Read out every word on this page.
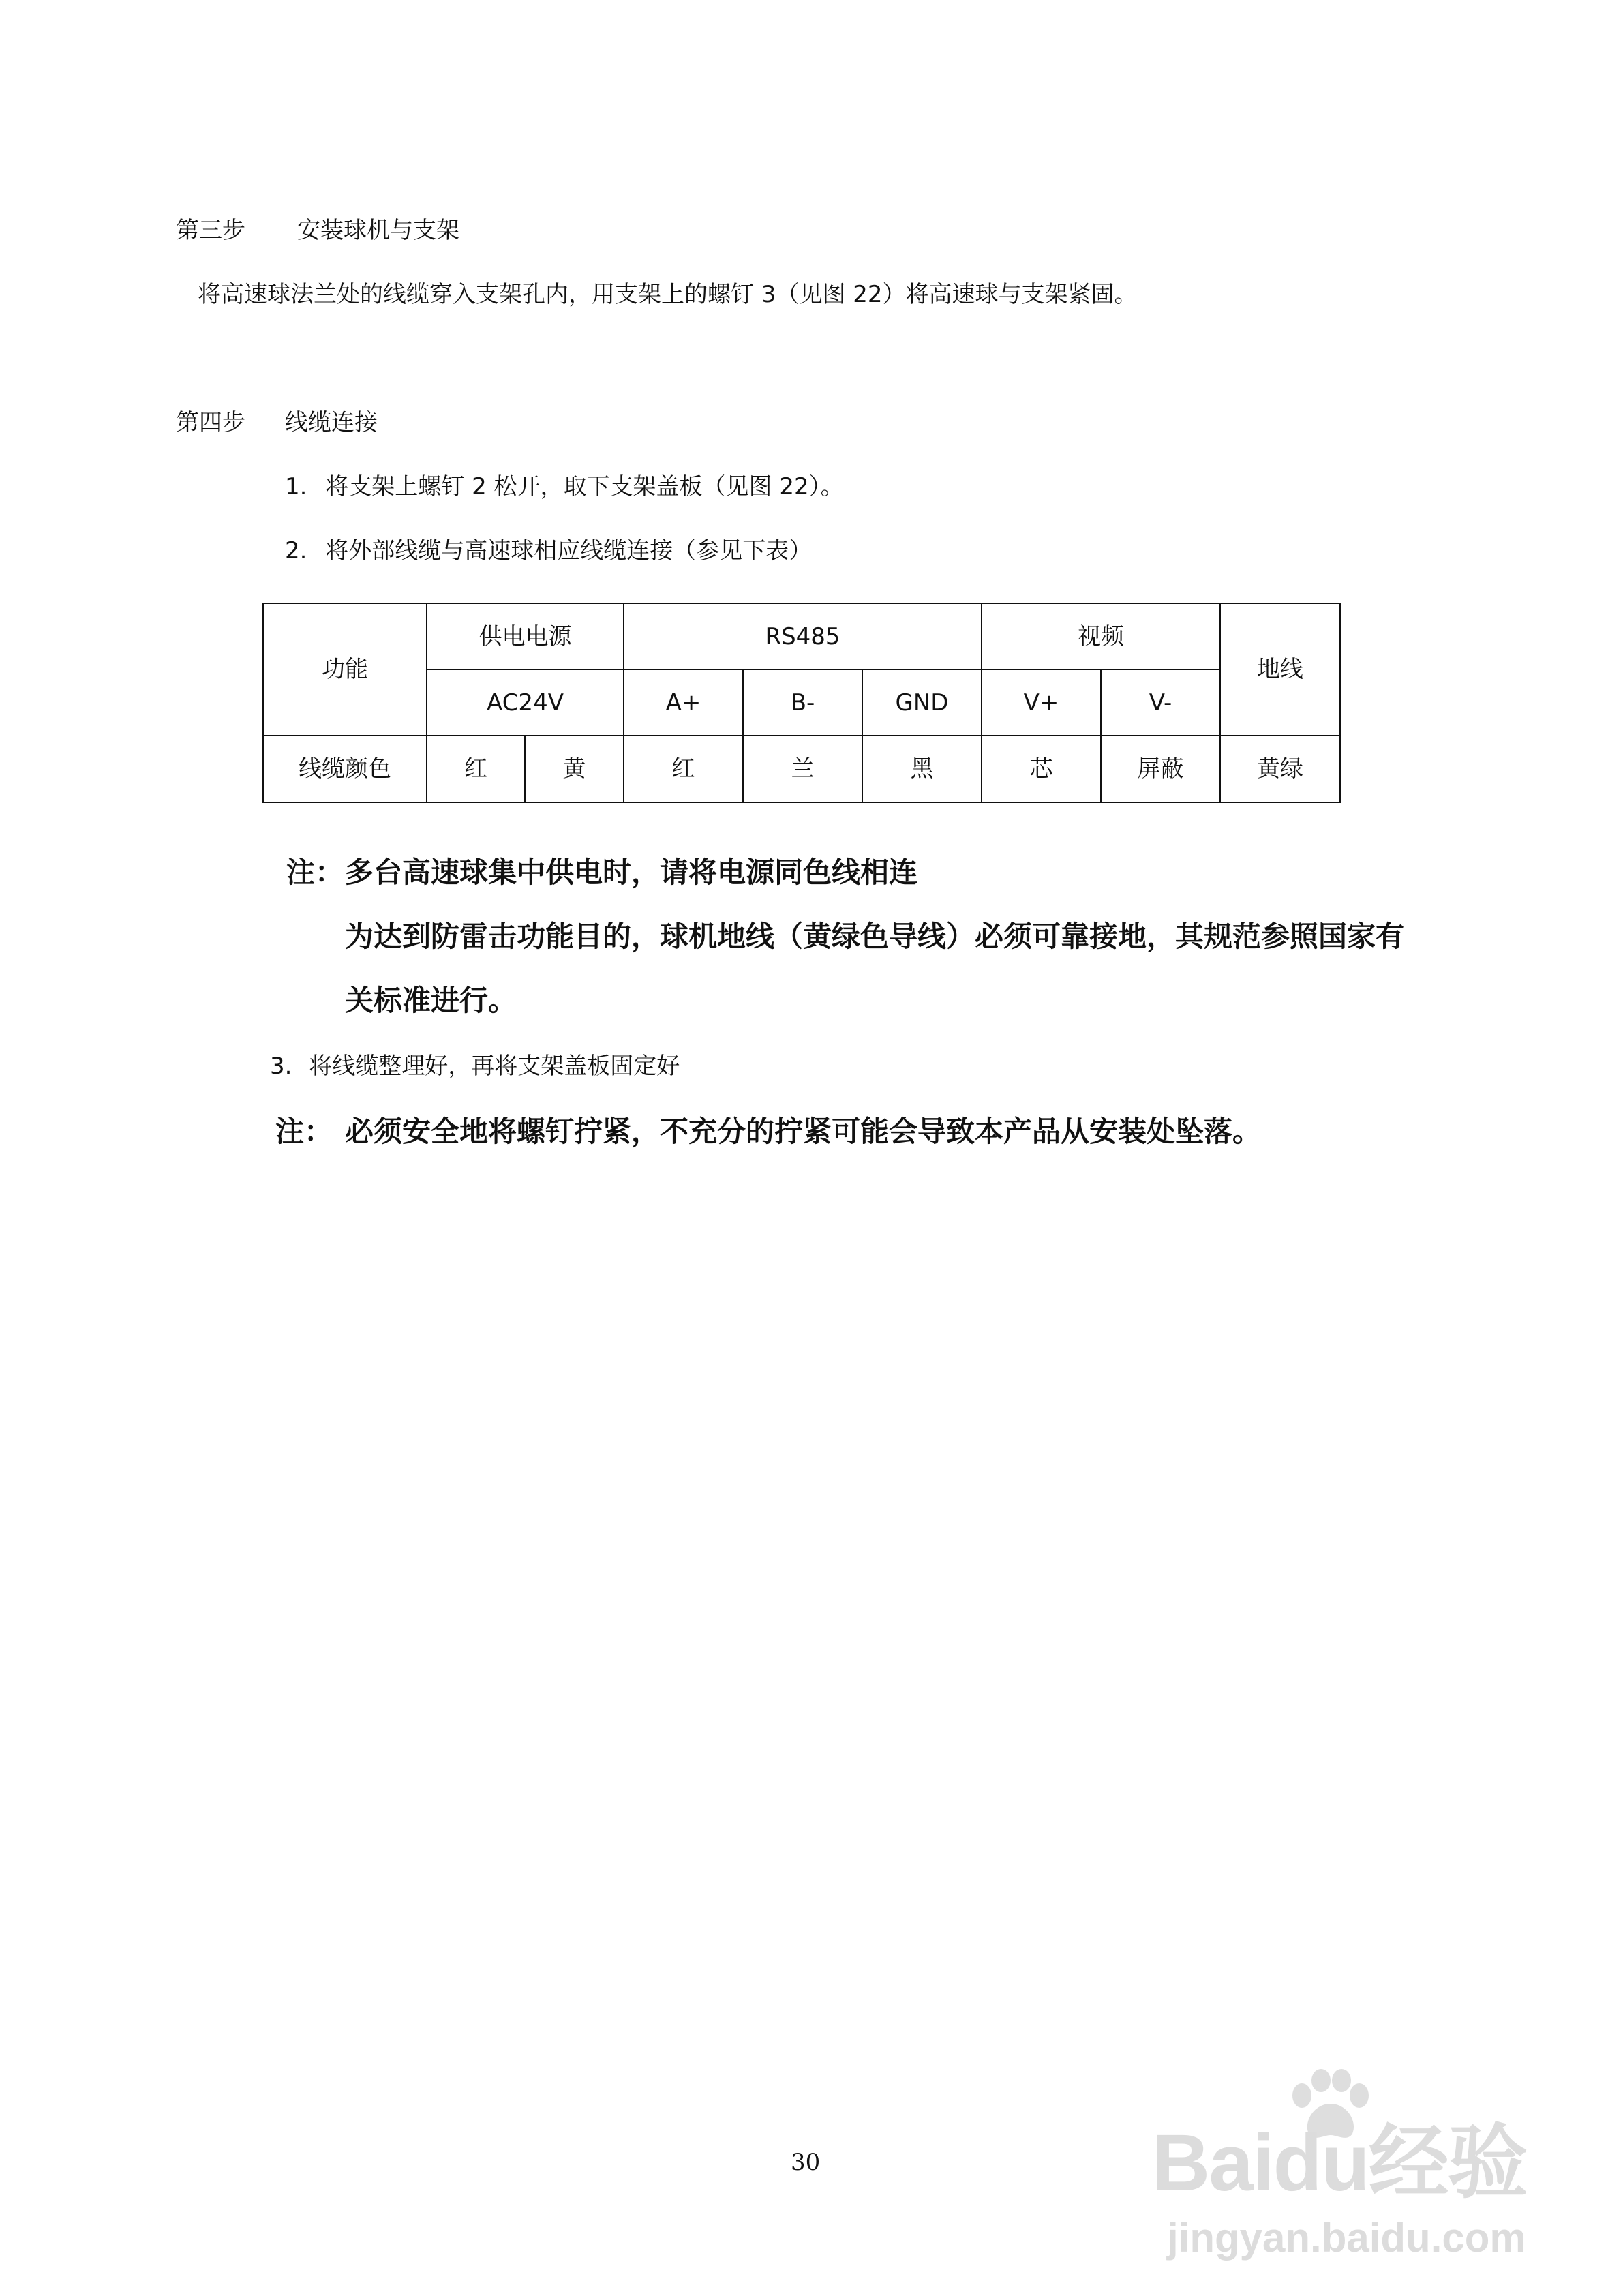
第三步 安装球机与支架
将高速球法兰处的线缆穿入支架孔内，用支架上的螺钉 3（见图 22）将高速球与支架紧固。
第四步 线缆连接
1. 将支架上螺钉 2 松开，取下支架盖板（见图 22）。
2. 将外部线缆与高速球相应线缆连接（参见下表）
功能	供电电源		RS485			视频		地线
	AC24V		A+	B-	GND	V+	V-	
线缆颜色	红	黄	红	兰	黑	芯	屏蔽	黄绿
注： 多台高速球集中供电时，请将电源同色线相连
为达到防雷击功能目的，球机地线（黄绿色导线）必须可靠接地，其规范参照国家有
关标准进行。
3. 将线缆整理好，再将支架盖板固定好
注： 必须安全地将螺钉拧紧，不充分的拧紧可能会导致本产品从安装处坠落。
30	Baidu经验
jingyan.baidu.com
